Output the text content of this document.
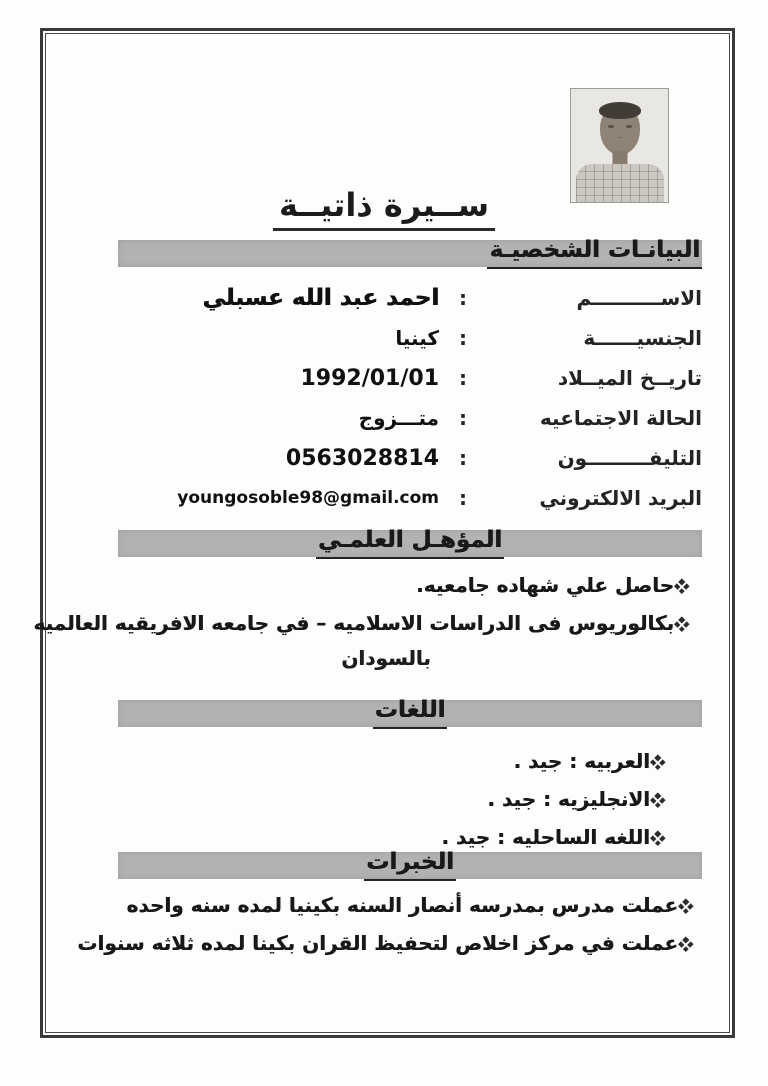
ســيرة ذاتيــة
البيانـات الشخصيـة
الاســــــــــم
:
احمد عبد الله عسبلي
الجنسيــــــة
:
كينيا
تاريــخ الميــلاد
:
1992/01/01
الحالة الاجتماعيه
:
متـــزوج
التليفـــــــــون
:
0563028814
البريد الالكتروني
:
youngosoble98@gmail.com
المؤهـل العلمـي
حاصل علي شهاده جامعيه.
بكالوريوس فى الدراسات الاسلاميه – في جامعه الافريقيه العالميه
بالسودان
اللغات
العربيه : جيد .
الانجليزيه : جيد .
اللغه الساحليه : جيد .
الخبرات
عملت مدرس بمدرسه أنصار السنه بكينيا لمده سنه واحده
عملت في مركز اخلاص لتحفيظ القران بكينا لمده ثلاثه سنوات
